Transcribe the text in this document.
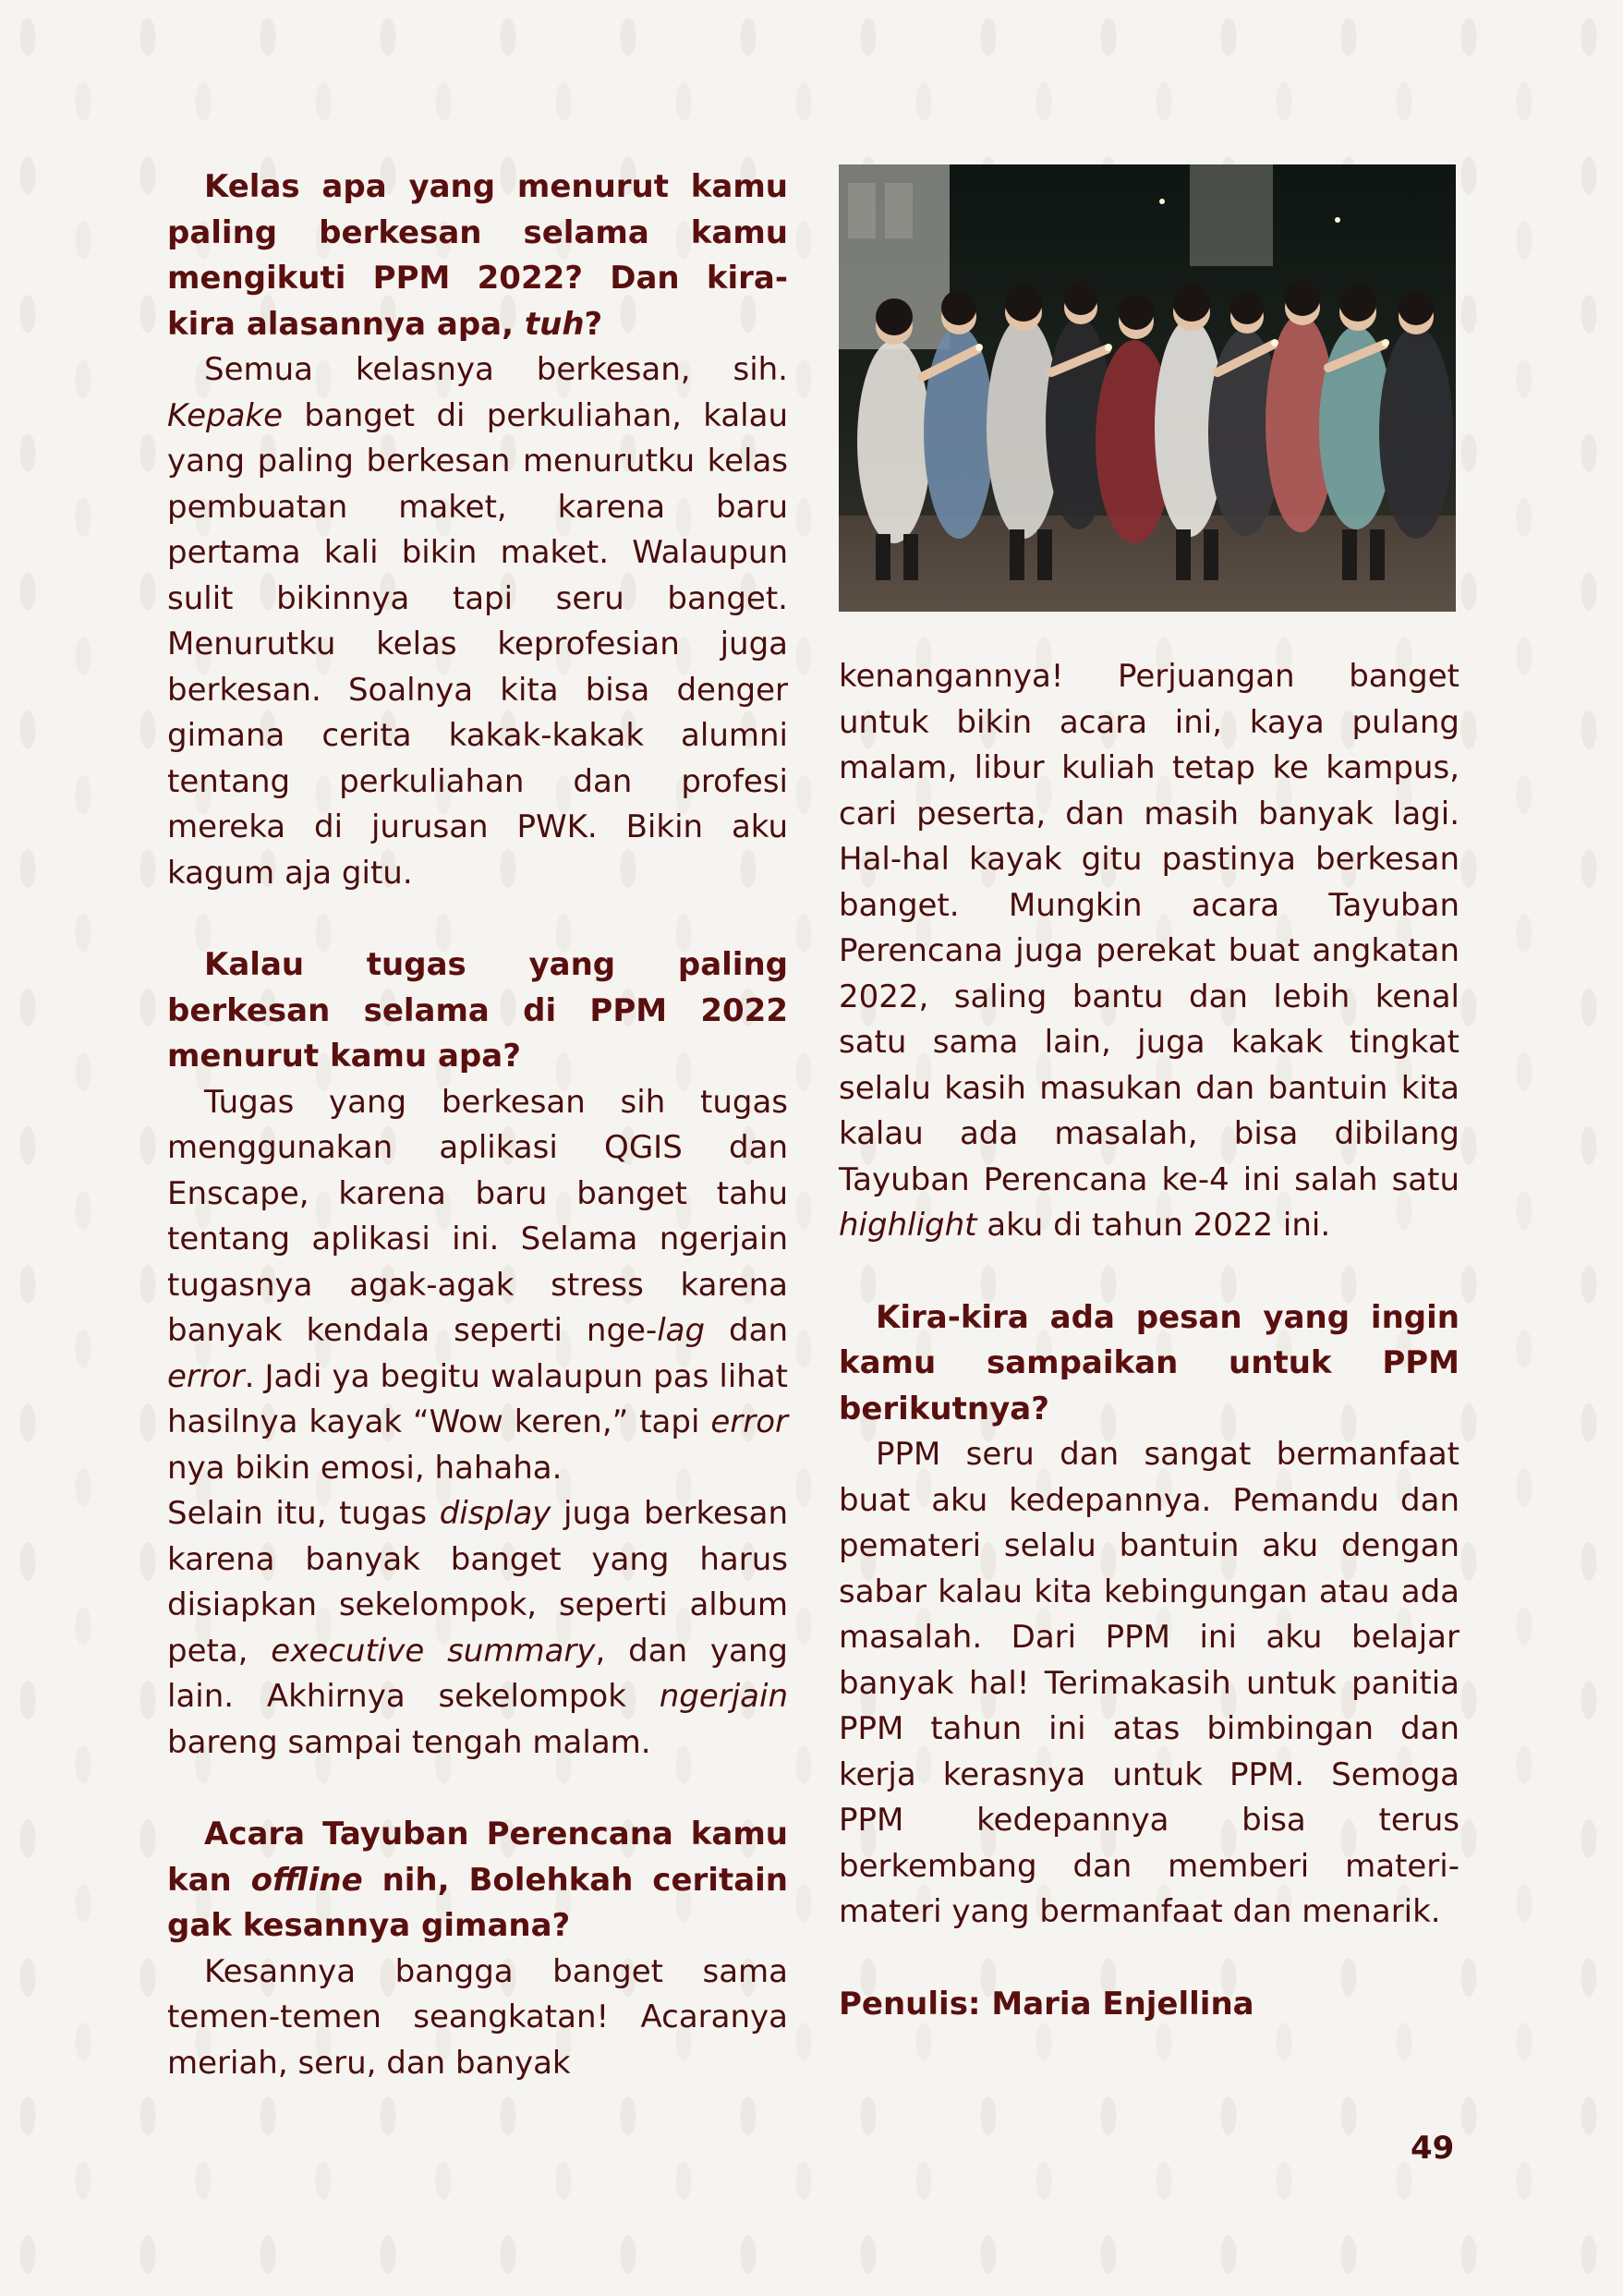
Kelas apa yang menurut kamu paling berkesan selama kamu mengikuti PPM 2022? Dan kira-kira alasannya apa, tuh?

Semua kelasnya berkesan, sih. Kepake banget di perkuliahan, kalau yang paling berkesan menurutku kelas pembuatan maket, karena baru pertama kali bikin maket. Walaupun sulit bikinnya tapi seru banget. Menurutku kelas keprofesian juga berkesan. Soalnya kita bisa denger gimana cerita kakak-kakak alumni tentang perkuliahan dan profesi mereka di jurusan PWK. Bikin aku kagum aja gitu.

Kalau tugas yang paling berkesan selama di PPM 2022 menurut kamu apa?

Tugas yang berkesan sih tugas menggunakan aplikasi QGIS dan Enscape, karena baru banget tahu tentang aplikasi ini. Selama ngerjain tugasnya agak-agak stress karena banyak kendala seperti nge-lag dan error. Jadi ya begitu walaupun pas lihat hasilnya kayak “Wow keren,” tapi error nya bikin emosi, hahaha.

Selain itu, tugas display juga berkesan karena banyak banget yang harus disiapkan sekelompok, seperti album peta, executive summary, dan yang lain. Akhirnya sekelompok ngerjain bareng sampai tengah malam.

Acara Tayuban Perencana kamu kan offline nih, Bolehkah ceritain gak kesannya gimana?

Kesannya bangga banget sama temen-temen seangkatan! Acaranya meriah, seru, dan banyak

kenangannya! Perjuangan banget untuk bikin acara ini, kaya pulang malam, libur kuliah tetap ke kampus, cari peserta, dan masih banyak lagi. Hal-hal kayak gitu pastinya berkesan banget. Mungkin acara Tayuban Perencana juga perekat buat angkatan 2022, saling bantu dan lebih kenal satu sama lain, juga kakak tingkat selalu kasih masukan dan bantuin kita kalau ada masalah, bisa dibilang Tayuban Perencana ke-4 ini salah satu highlight aku di tahun 2022 ini.

Kira-kira ada pesan yang ingin kamu sampaikan untuk PPM berikutnya?

PPM seru dan sangat bermanfaat buat aku kedepannya. Pemandu dan pemateri selalu bantuin aku dengan sabar kalau kita kebingungan atau ada masalah. Dari PPM ini aku belajar banyak hal! Terimakasih untuk panitia PPM tahun ini atas bimbingan dan kerja kerasnya untuk PPM. Semoga PPM kedepannya bisa terus berkembang dan memberi materi-materi yang bermanfaat dan menarik.

Penulis: Maria Enjellina
49
